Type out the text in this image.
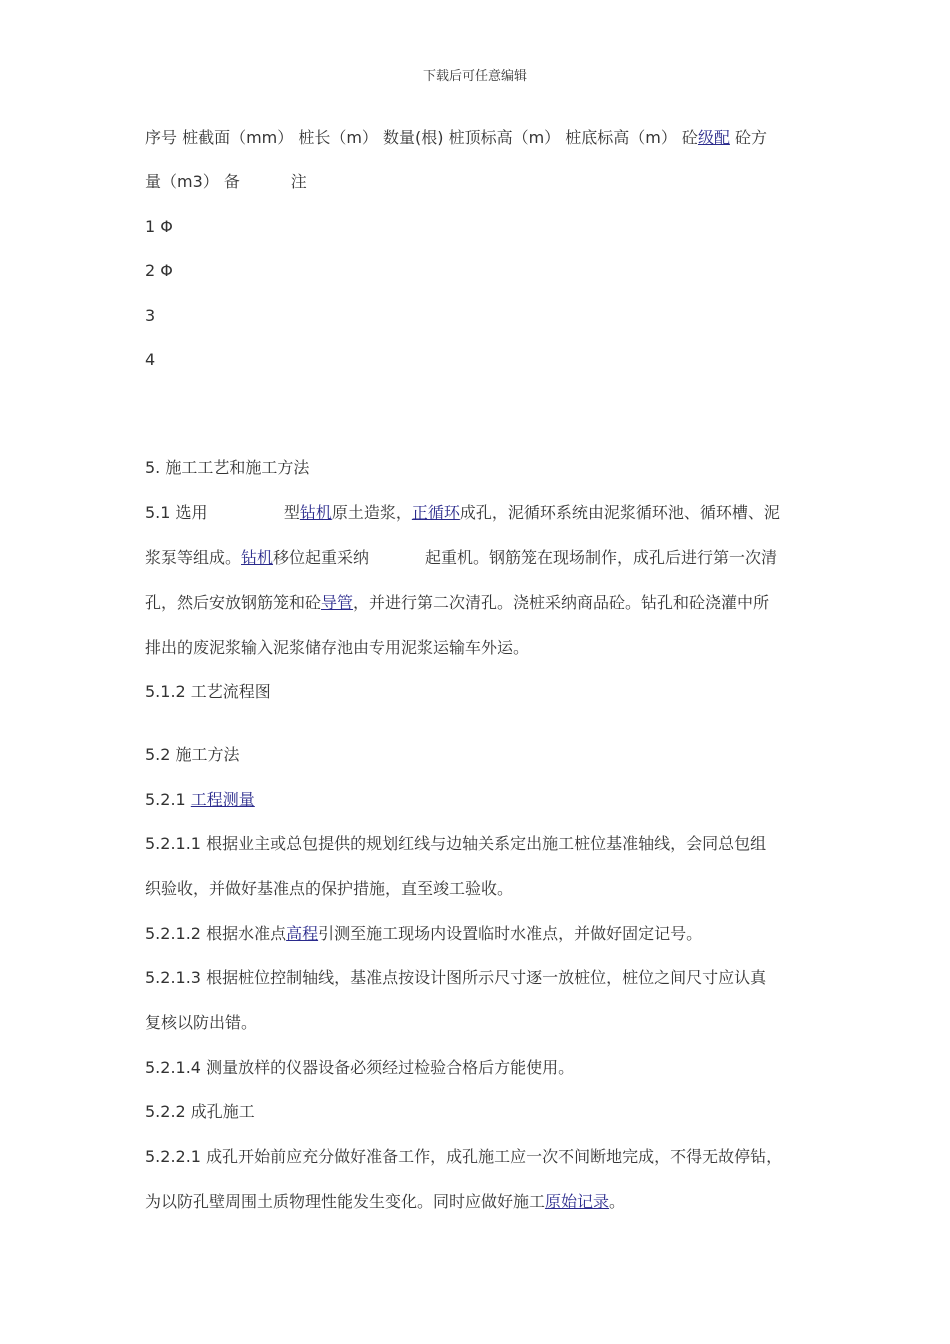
下载后可任意编辑
序号 桩截面（mm） 桩长（m） 数量(根) 桩顶标高（m） 桩底标高（m） 砼级配 砼方
量（m3） 备          注
1 Φ
2 Φ
3
4
5. 施工工艺和施工方法
5.1 选用               型钻机原土造浆，正循环成孔，泥循环系统由泥浆循环池、循环槽、泥
浆泵等组成。钻机移位起重采纳           起重机。钢筋笼在现场制作，成孔后进行第一次清
孔，然后安放钢筋笼和砼导管，并进行第二次清孔。浇桩采纳商品砼。钻孔和砼浇灌中所
排出的废泥浆输入泥浆储存池由专用泥浆运输车外运。
5.1.2 工艺流程图
5.2 施工方法
5.2.1 工程测量
5.2.1.1 根据业主或总包提供的规划红线与边轴关系定出施工桩位基准轴线，会同总包组
织验收，并做好基准点的保护措施，直至竣工验收。
5.2.1.2 根据水准点高程引测至施工现场内设置临时水准点，并做好固定记号。
5.2.1.3 根据桩位控制轴线，基准点按设计图所示尺寸逐一放桩位，桩位之间尺寸应认真
复核以防出错。
5.2.1.4 测量放样的仪器设备必须经过检验合格后方能使用。
5.2.2 成孔施工
5.2.2.1 成孔开始前应充分做好准备工作，成孔施工应一次不间断地完成，不得无故停钻，
为以防孔壁周围土质物理性能发生变化。同时应做好施工原始记录。
